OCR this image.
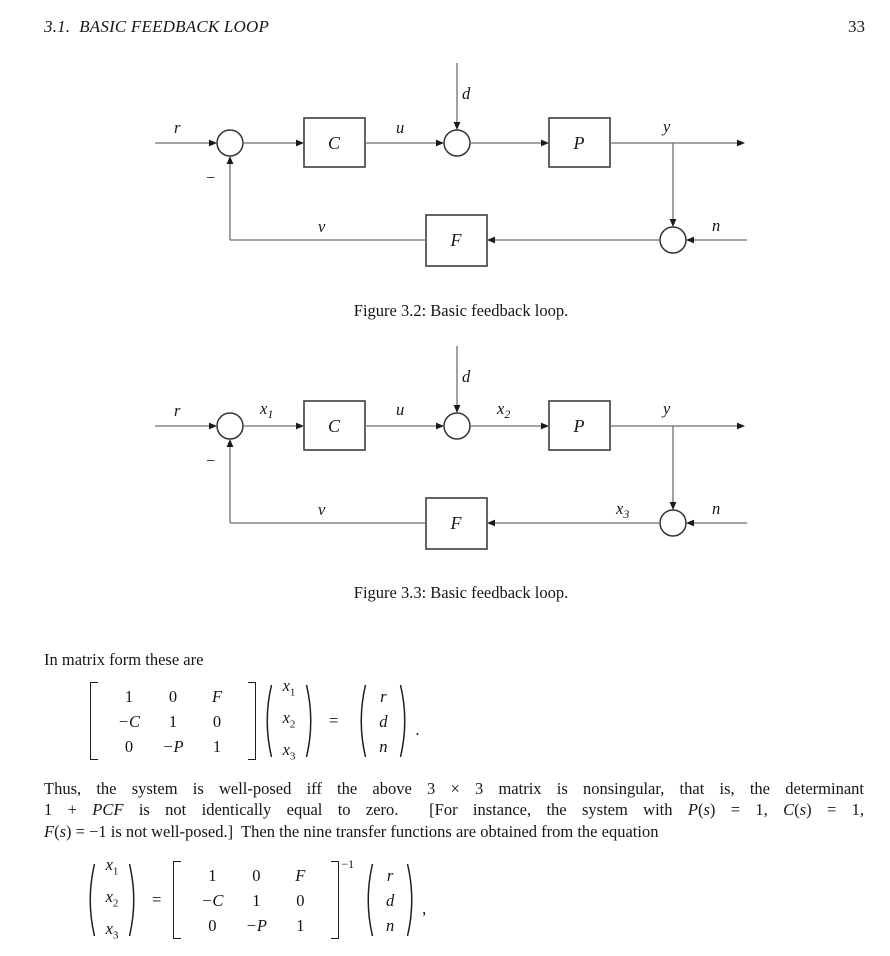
3.1.  BASIC FEEDBACK LOOP	33
d
r
−
C
u
P
y
n
F
v
Figure 3.2: Basic feedback loop.
d
r
−
$x_1$
C
u	$x_2$
P
y
n
$x_3$
F
v
Figure 3.3: Basic feedback loop.
In matrix form these are
1	0	F
−C	1	0
0	−P	1
$x_1$
$x_2$
$x_3$
=
r
d
n
.
Thus, the system is well-posed iff the above 3 × 3 matrix is nonsingular, that is, the determinant
1 + PCF is not identically equal to zero.  [For instance, the system with P(s) = 1, C(s) = 1,
F(s) = −1 is not well-posed.]  Then the nine transfer functions are obtained from the equation
$x_1$
$x_2$
$x_3$
=
1	0	F
−C	1	0
0	−P	1
−1
r
d
n
,
